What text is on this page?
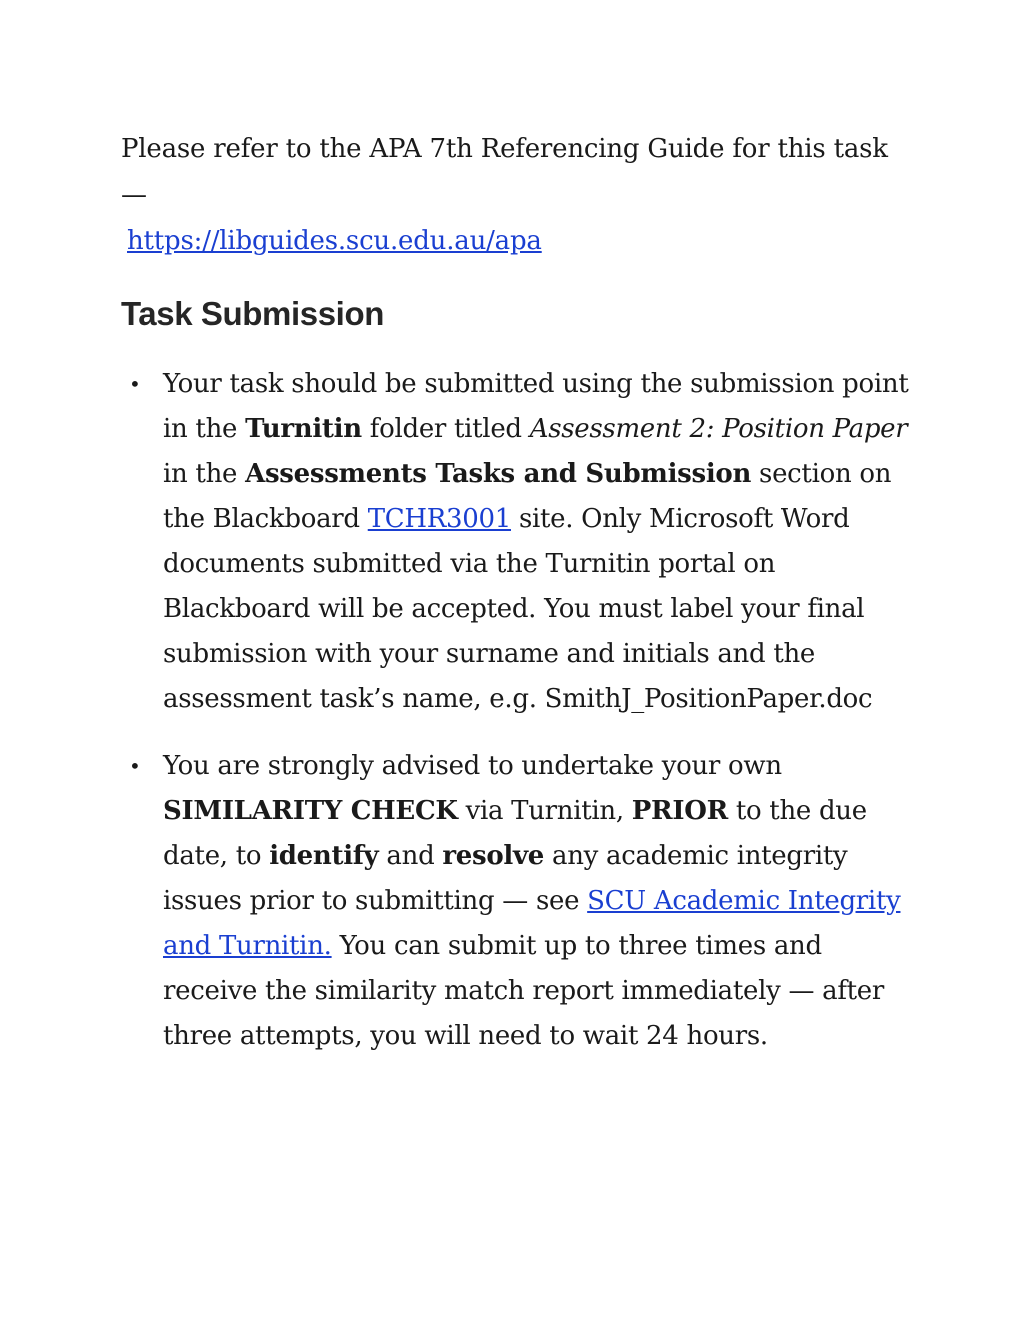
Please refer to the APA 7th Referencing Guide for this task —
https://libguides.scu.edu.au/apa

Task Submission
• Your task should be submitted using the submission point in the Turnitin folder titled Assessment 2: Position Paper in the Assessments Tasks and Submission section on the Blackboard TCHR3001 site. Only Microsoft Word documents submitted via the Turnitin portal on Blackboard will be accepted. You must label your final submission with your surname and initials and the assessment task’s name, e.g. SmithJ_PositionPaper.doc
• You are strongly advised to undertake your own SIMILARITY CHECK via Turnitin, PRIOR to the due date, to identify and resolve any academic integrity issues prior to submitting — see SCU Academic Integrity and Turnitin. You can submit up to three times and receive the similarity match report immediately — after three attempts, you will need to wait 24 hours.
